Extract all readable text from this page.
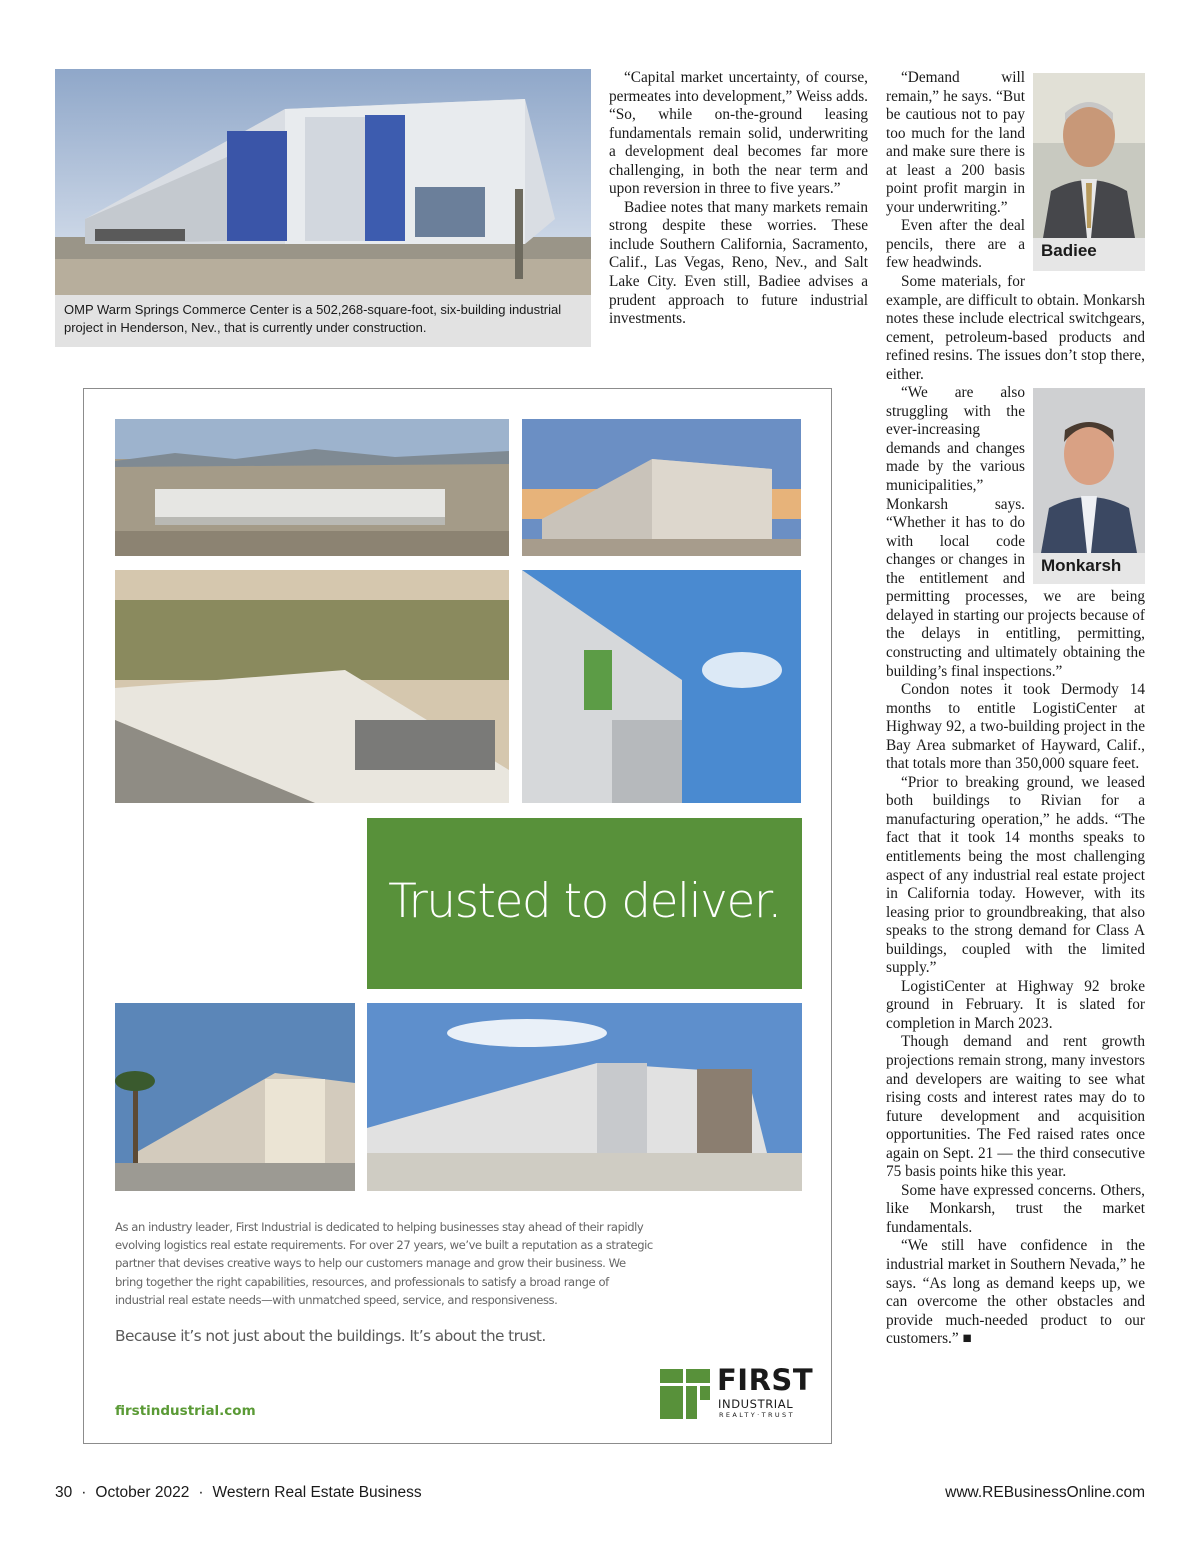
OMP Warm Springs Commerce Center is a 502,268-square-foot, six-building industrial project in Henderson, Nev., that is currently under construction.

“Capital market uncertainty, of course, permeates into development,” Weiss adds. “So, while on-the-ground leasing fundamentals remain solid, underwriting a development deal becomes far more challenging, in both the near term and upon reversion in three to five years.”

Badiee notes that many markets remain strong despite these worries. These include Southern California, Sacramento, Calif., Las Vegas, Reno, Nev., and Salt Lake City. Even still, Badiee advises a prudent approach to future industrial investments.

Badiee

“Demand will remain,” he says. “But be cautious not to pay too much for the land and make sure there is at least a 200 basis point profit margin in your underwriting.”

Even after the deal pencils, there are a few headwinds.

Some materials, for example, are difficult to obtain. Monkarsh notes these include electrical switchgears, cement, petroleum-based products and refined resins. The issues don’t stop there, either.

Monkarsh

“We are also struggling with the ever-increasing demands and changes made by the various municipalities,” Monkarsh says. “Whether it has to do with local code changes or changes in the entitlement and permitting processes, we are being delayed in starting our projects because of the delays in entitling, permitting, constructing and ultimately obtaining the building’s final inspections.”

Condon notes it took Dermody 14 months to entitle LogistiCenter at Highway 92, a two-building project in the Bay Area submarket of Hayward, Calif., that totals more than 350,000 square feet.

“Prior to breaking ground, we leased both buildings to Rivian for a manufacturing operation,” he adds. “The fact that it took 14 months speaks to entitlements being the most challenging aspect of any industrial real estate project in California today. However, with its leasing prior to groundbreaking, that also speaks to the strong demand for Class A buildings, coupled with the limited supply.”

LogistiCenter at Highway 92 broke ground in February. It is slated for completion in March 2023.

Though demand and rent growth projections remain strong, many investors and developers are waiting to see what rising costs and interest rates may do to future development and acquisition opportunities. The Fed raised rates once again on Sept. 21 — the third consecutive 75 basis points hike this year.

Some have expressed concerns. Others, like Monkarsh, trust the market fundamentals.

“We still have confidence in the industrial market in Southern Nevada,” he says. “As long as demand keeps up, we can overcome the other obstacles and provide much-needed product to our customers.” ■

Trusted to deliver.
As an industry leader, First Industrial is dedicated to helping businesses stay ahead of their rapidly evolving logistics real estate requirements. For over 27 years, we’ve built a reputation as a strategic partner that devises creative ways to help our customers manage and grow their business. We bring together the right capabilities, resources, and professionals to satisfy a broad range of industrial real estate needs—with unmatched speed, service, and responsiveness.
Because it’s not just about the buildings. It’s about the trust.
firstindustrial.com
FIRST
INDUSTRIAL
REALTY·TRUST
30 · October 2022 · Western Real Estate Business	www.REBusinessOnline.com
